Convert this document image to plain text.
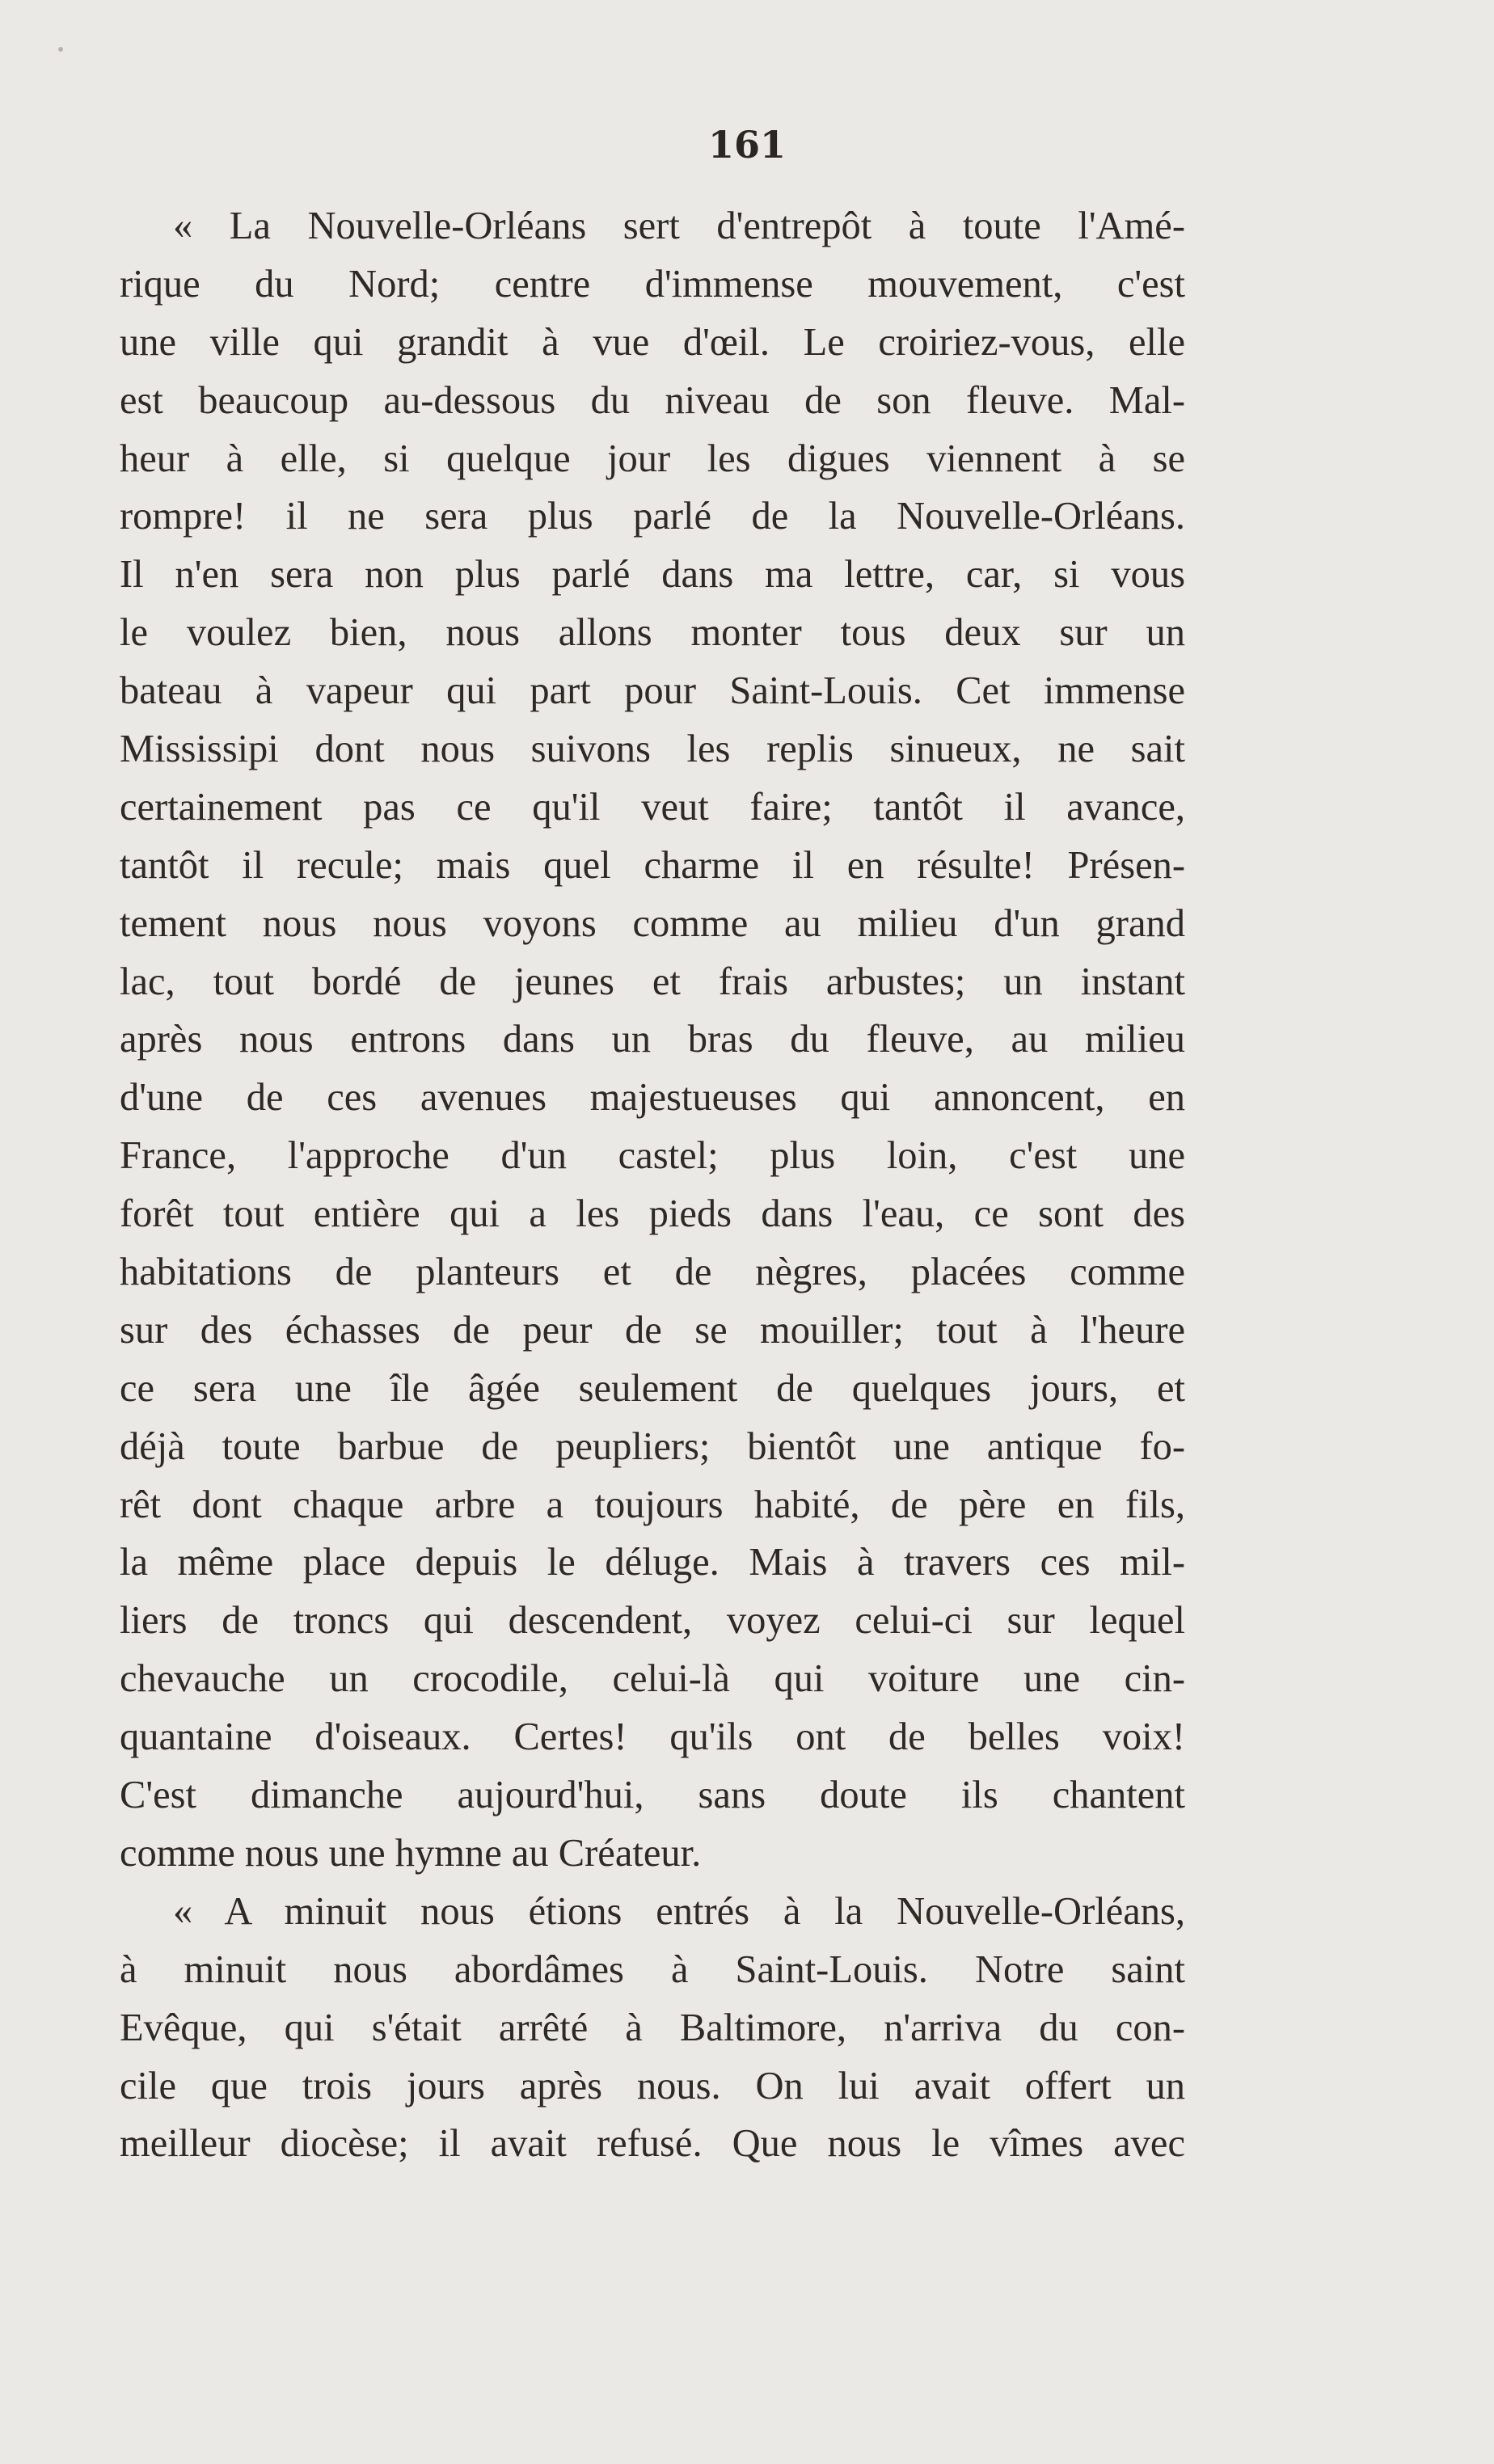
161
« La Nouvelle-Orléans sert d'entrepôt à toute l'Amé-
rique du Nord; centre d'immense mouvement, c'est
une ville qui grandit à vue d'œil. Le croiriez-vous, elle
est beaucoup au-dessous du niveau de son fleuve. Mal-
heur à elle, si quelque jour les digues viennent à se
rompre! il ne sera plus parlé de la Nouvelle-Orléans.
Il n'en sera non plus parlé dans ma lettre, car, si vous
le voulez bien, nous allons monter tous deux sur un
bateau à vapeur qui part pour Saint-Louis. Cet immense
Mississipi dont nous suivons les replis sinueux, ne sait
certainement pas ce qu'il veut faire; tantôt il avance,
tantôt il recule; mais quel charme il en résulte! Présen-
tement nous nous voyons comme au milieu d'un grand
lac, tout bordé de jeunes et frais arbustes; un instant
après nous entrons dans un bras du fleuve, au milieu
d'une de ces avenues majestueuses qui annoncent, en
France, l'approche d'un castel; plus loin, c'est une
forêt tout entière qui a les pieds dans l'eau, ce sont des
habitations de planteurs et de nègres, placées comme
sur des échasses de peur de se mouiller; tout à l'heure
ce sera une île âgée seulement de quelques jours, et
déjà toute barbue de peupliers; bientôt une antique fo-
rêt dont chaque arbre a toujours habité, de père en fils,
la même place depuis le déluge. Mais à travers ces mil-
liers de troncs qui descendent, voyez celui-ci sur lequel
chevauche un crocodile, celui-là qui voiture une cin-
quantaine d'oiseaux. Certes! qu'ils ont de belles voix!
C'est dimanche aujourd'hui, sans doute ils chantent
comme nous une hymne au Créateur.
« A minuit nous étions entrés à la Nouvelle-Orléans,
à minuit nous abordâmes à Saint-Louis. Notre saint
Evêque, qui s'était arrêté à Baltimore, n'arriva du con-
cile que trois jours après nous. On lui avait offert un
meilleur diocèse; il avait refusé. Que nous le vîmes avec
